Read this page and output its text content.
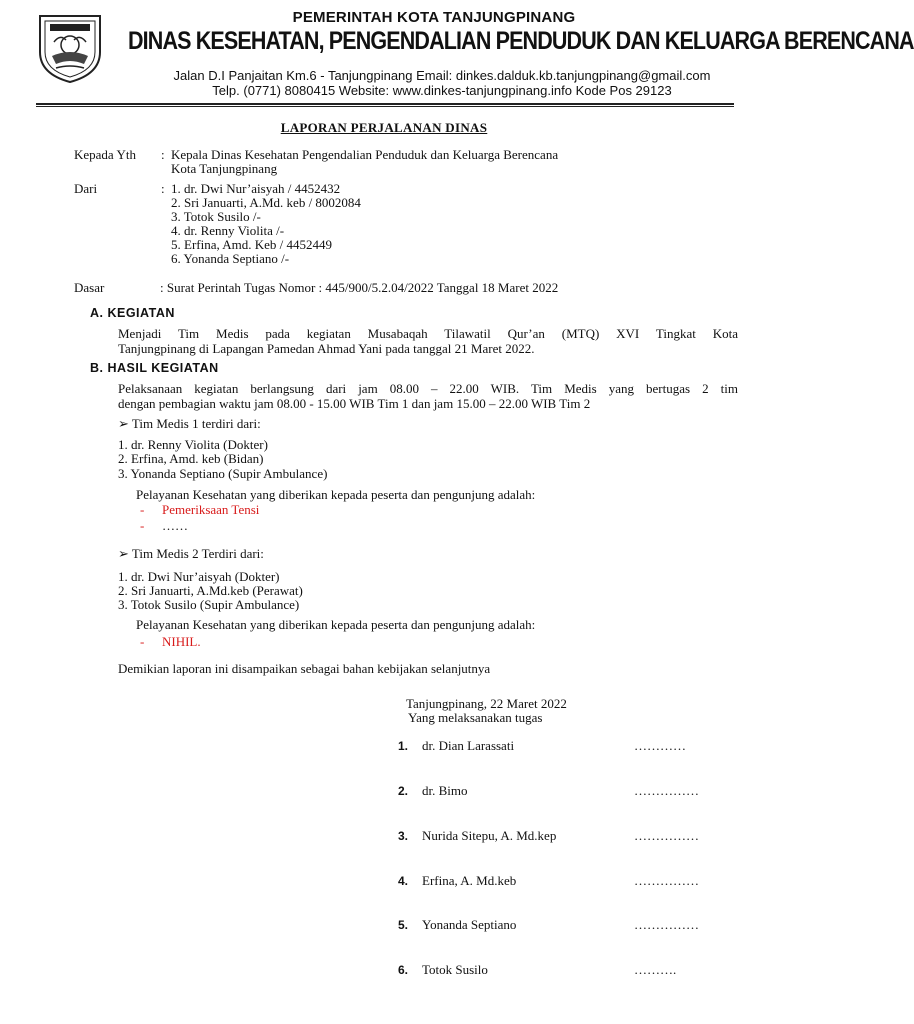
PEMERINTAH KOTA TANJUNGPINANG
DINAS KESEHATAN, PENGENDALIAN PENDUDUK DAN KELUARGA BERENCANA
Jalan D.I Panjaitan Km.6 - Tanjungpinang Email: dinkes.dalduk.kb.tanjungpinang@gmail.com
Telp. (0771) 8080415 Website: www.dinkes-tanjungpinang.info Kode Pos 29123
LAPORAN PERJALANAN DINAS
Kepada Yth : Kepala Dinas Kesehatan Pengendalian Penduduk dan Keluarga Berencana
Kota Tanjungpinang
Dari	: 1. dr. Dwi Nur’aisyah / 4452432
2. Sri Januarti, A.Md. keb / 8002084
3. Totok Susilo /-
4. dr. Renny Violita /-
5. Erfina, Amd. Keb / 4452449
6. Yonanda Septiano /-
Dasar	: Surat Perintah Tugas Nomor : 445/900/5.2.04/2022 Tanggal 18 Maret 2022
A. KEGIATAN
Menjadi Tim Medis pada kegiatan Musabaqah Tilawatil Qur’an (MTQ) XVI Tingkat Kota
Tanjungpinang di Lapangan Pamedan Ahmad Yani pada tanggal 21 Maret 2022.
B. HASIL KEGIATAN
Pelaksanaan kegiatan berlangsung dari jam 08.00 – 22.00 WIB. Tim Medis yang bertugas 2 tim
dengan pembagian waktu jam 08.00 - 15.00 WIB Tim 1 dan jam 15.00 – 22.00 WIB Tim 2
➢ Tim Medis 1 terdiri dari:
1. dr. Renny Violita (Dokter)
2. Erfina, Amd. keb (Bidan)
3. Yonanda Septiano (Supir Ambulance)
Pelayanan Kesehatan yang diberikan kepada peserta dan pengunjung adalah:
- Pemeriksaan Tensi
- ……
➢ Tim Medis 2 Terdiri dari:
1. dr. Dwi Nur’aisyah (Dokter)
2. Sri Januarti, A.Md.keb (Perawat)
3. Totok Susilo (Supir Ambulance)
Pelayanan Kesehatan yang diberikan kepada peserta dan pengunjung adalah:
- NIHIL.
Demikian laporan ini disampaikan sebagai bahan kebijakan selanjutnya
Tanjungpinang, 22 Maret 2022
Yang melaksanakan tugas
1. dr. Dian Larassati	…………
2. dr. Bimo	……………
3. Nurida Sitepu, A. Md.kep	……………
4. Erfina, A. Md.keb	……………
5. Yonanda Septiano	……………
6. Totok Susilo	……….
